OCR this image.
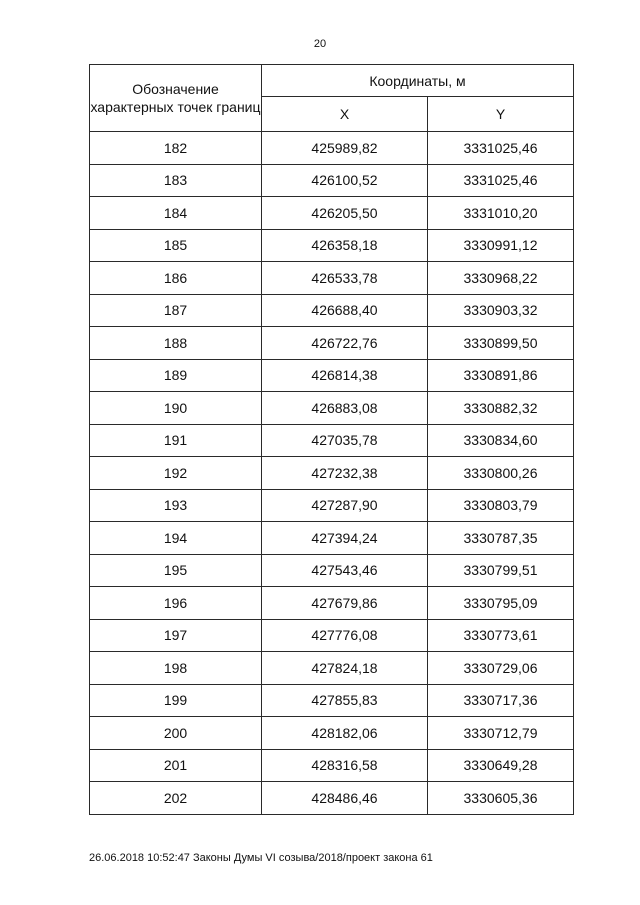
20
Обозначение характерных точек границ	Координаты, м	
	X	Y
182	425989,82	3331025,46
183	426100,52	3331025,46
184	426205,50	3331010,20
185	426358,18	3330991,12
186	426533,78	3330968,22
187	426688,40	3330903,32
188	426722,76	3330899,50
189	426814,38	3330891,86
190	426883,08	3330882,32
191	427035,78	3330834,60
192	427232,38	3330800,26
193	427287,90	3330803,79
194	427394,24	3330787,35
195	427543,46	3330799,51
196	427679,86	3330795,09
197	427776,08	3330773,61
198	427824,18	3330729,06
199	427855,83	3330717,36
200	428182,06	3330712,79
201	428316,58	3330649,28
202	428486,46	3330605,36
26.06.2018 10:52:47 Законы Думы VI созыва/2018/проект закона 61
